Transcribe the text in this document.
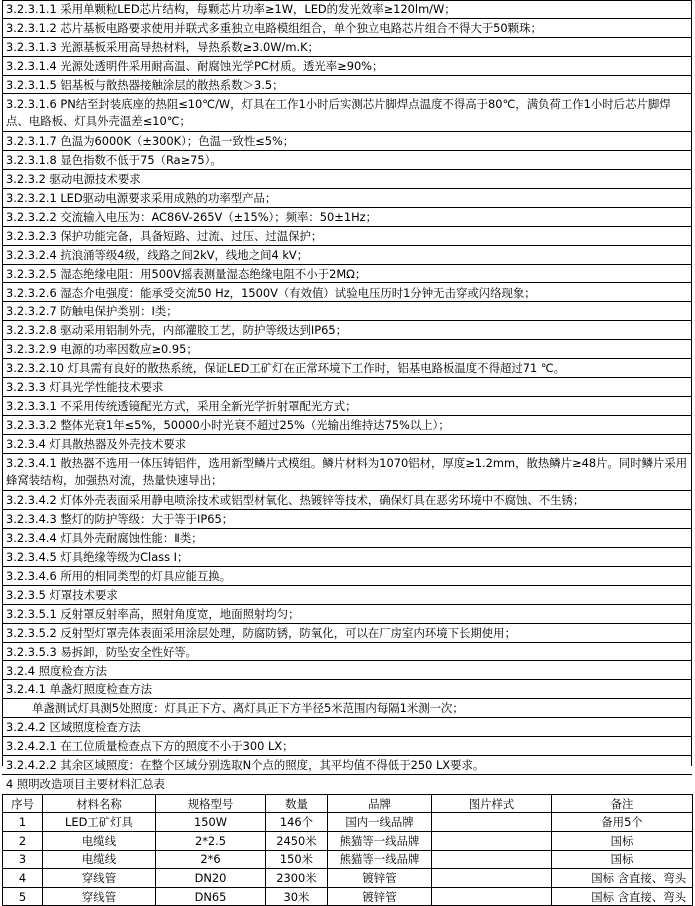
3.2.3.1.1 采用单颗粒LED芯片结构，每颗芯片功率≥1W，LED的发光效率≥120lm/W；
3.2.3.1.2 芯片基板电路要求使用并联式多重独立电路模组组合，单个独立电路芯片组合不得大于50颗珠；
3.2.3.1.3 光源基板采用高导热材料，导热系数≥3.0W/m.K；
3.2.3.1.4 光源处透明件采用耐高温、耐腐蚀光学PC材质。透光率≥90%；
3.2.3.1.5 铝基板与散热器接触涂层的散热系数＞3.5；
3.2.3.1.6 PN结至封装底座的热阻≤10℃/W，灯具在工作1小时后实测芯片脚焊点温度不得高于80℃，满负荷工作1小时后芯片脚焊点、电路板、灯具外壳温差≤10℃；
3.2.3.1.7 色温为6000K（±300K）；色温一致性≤5%；
3.2.3.1.8 显色指数不低于75（Ra≥75）。
3.2.3.2 驱动电源技术要求
3.2.3.2.1 LED驱动电源要求采用成熟的功率型产品；
3.2.3.2.2 交流输入电压为：AC86V-265V（±15%）；频率：50±1Hz；
3.2.3.2.3 保护功能完备，具备短路、过流、过压、过温保护；
3.2.3.2.4 抗浪涌等级4级，线路之间2kV，线地之间4 kV；
3.2.3.2.5 湿态绝缘电阻：用500V摇表测量湿态绝缘电阻不小于2MΩ；
3.2.3.2.6 湿态介电强度：能承受交流50 Hz，1500V（有效值）试验电压历时1分钟无击穿或闪络现象；
3.2.3.2.7 防触电保护类别：Ⅰ类；
3.2.3.2.8 驱动采用铝制外壳，内部灌胶工艺，防护等级达到IP65；
3.2.3.2.9 电源的功率因数应≥0.95；
3.2.3.2.10 灯具需有良好的散热系统，保证LED工矿灯在正常环境下工作时，铝基电路板温度不得超过71 ℃。
3.2.3.3 灯具光学性能技术要求
3.2.3.3.1 不采用传统透镜配光方式，采用全新光学折射罩配光方式；
3.2.3.3.2 整体光衰1年≤5%，50000小时光衰不超过25%（光输出维持达75%以上）；
3.2.3.4 灯具散热器及外壳技术要求
3.2.3.4.1 散热器不选用一体压铸铝件，选用新型鳞片式模组。鳞片材料为1070铝材，厚度≥1.2mm，散热鳞片≥48片。同时鳞片采用蜂窝装结构，加强热对流，热量快速导出；
3.2.3.4.2 灯体外壳表面采用静电喷涂技术或铝型材氧化、热镀锌等技术，确保灯具在恶劣环境中不腐蚀、不生锈；
3.2.3.4.3 整灯的防护等级：大于等于IP65；
3.2.3.4.4 灯具外壳耐腐蚀性能：Ⅱ类；
3.2.3.4.5 灯具绝缘等级为Class Ⅰ；
3.2.3.4.6 所用的相同类型的灯具应能互换。
3.2.3.5 灯罩技术要求
3.2.3.5.1 反射罩反射率高，照射角度宽，地面照射均匀；
3.2.3.5.2 反射型灯罩壳体表面采用涂层处理，防腐防锈，防氧化，可以在厂房室内环境下长期使用；
3.2.3.5.3 易拆卸，防坠安全性好等。
3.2.4 照度检查方法
3.2.4.1 单盏灯照度检查方法
单盏测试灯具测5处照度：灯具正下方、离灯具正下方半径5米范围内每隔1米测一次；
3.2.4.2 区域照度检查方法
3.2.4.2.1 在工位质量检查点下方的照度不小于300 LX；
3.2.4.2.2 其余区域照度：在整个区域分别选取N个点的照度，其平均值不得低于250 LX要求。
4 照明改造项目主要材料汇总表
序号	材料名称	规格型号	数量	品牌	图片样式	备注
1	LED工矿灯具	150W	146个	国内一线品牌		备用5个
2	电缆线	2*2.5	2450米	熊猫等一线品牌		国标
3	电缆线	2*6	150米	熊猫等一线品牌		国标
4	穿线管	DN20	2300米	镀锌管		国标 含直接、弯头
5	穿线管	DN65	30米	镀锌管		国标 含直接、弯头
